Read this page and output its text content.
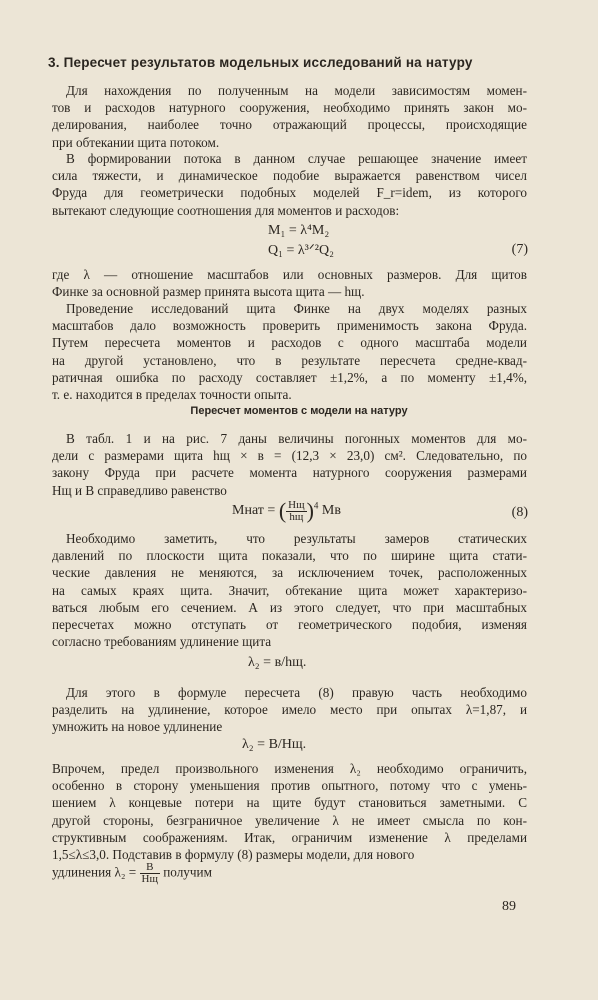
3. Пересчет результатов модельных исследований на натуру
Для нахождения по полученным на модели зависимостям момен-
тов и расходов натурного сооружения, необходимо принять закон мо-
делирования, наиболее точно отражающий процессы, происходящие
при обтекании щита потоком.
В формировании потока в данном случае решающее значение имеет
сила тяжести, и динамическое подобие выражается равенством чисел
Фруда для геометрически подобных моделей F_r=idem, из которого
вытекают следующие соотношения для моментов и расходов:
M₁ = λ⁴M₂
Q₁ = λ³ᐟ²Q₂	(7)
где λ — отношение масштабов или основных размеров. Для щитов
Финке за основной размер принята высота щита — hщ.
Проведение исследований щита Финке на двух моделях разных
масштабов дало возможность проверить применимость закона Фруда.
Путем пересчета моментов и расходов с одного масштаба модели
на другой установлено, что в результате пересчета средне-квад-
ратичная ошибка по расходу составляет ±1,2%, а по моменту ±1,4%,
т. е. находится в пределах точности опыта.
Пересчет моментов с модели на натуру
В табл. 1 и на рис. 7 даны величины погонных моментов для мо-
дели с размерами щита hщ × в = (12,3 × 23,0) см². Следовательно, по
закону Фруда при расчете момента натурного сооружения размерами
Hщ и B справедливо равенство
Mнат = ( $\frac{Hщ}{hщ} )^4$ Mв	(8)
Необходимо заметить, что результаты замеров статических
давлений по плоскости щита показали, что по ширине щита стати-
ческие давления не меняются, за исключением точек, расположенных
на самых краях щита. Значит, обтекание щита может характеризо-
ваться любым его сечением. А из этого следует, что при масштабных
пересчетах можно отступать от геометрического подобия, изменяя
согласно требованиям удлинение щита
λ₂ = в/hщ.
Для этого в формуле пересчета (8) правую часть необходимо
разделить на удлинение, которое имело место при опытах λ=1,87, и
умножить на новое удлинение
λ₂ = B/Hщ.
Впрочем, предел произвольного изменения λ₂ необходимо ограничить,
особенно в сторону уменьшения против опытного, потому что с умень-
шением λ концевые потери на щите будут становиться заметными. С
другой стороны, безграничное увеличение λ не имеет смысла по кон-
структивным соображениям. Итак, ограничим изменение λ пределами
1,5≤λ≤3,0. Подставив в формулу (8) размеры модели, для нового
удлинения $\lambda_2 = \frac{B}{Hщ}$ получим
89
